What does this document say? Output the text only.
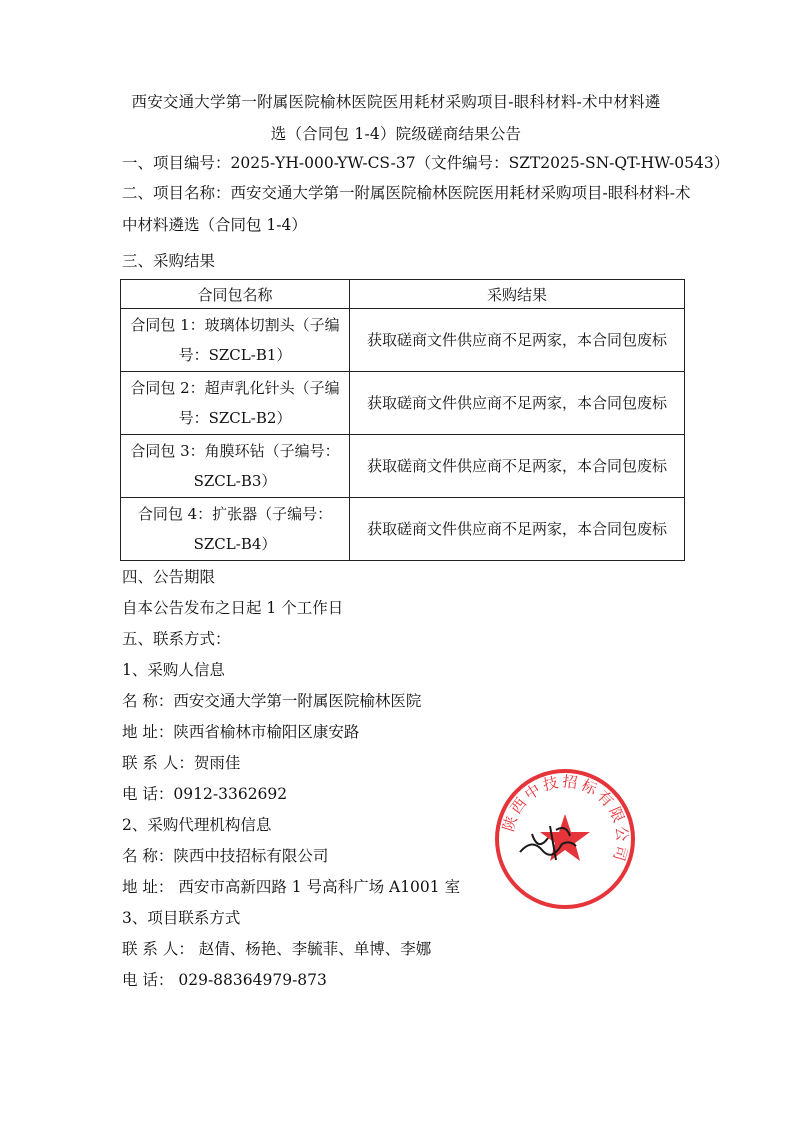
西安交通大学第一附属医院榆林医院医用耗材采购项目-眼科材料-术中材料遴
选（合同包 1-4）院级磋商结果公告
一、项目编号：2025-YH-000-YW-CS-37（文件编号：SZT2025-SN-QT-HW-0543）
二、项目名称：西安交通大学第一附属医院榆林医院医用耗材采购项目-眼科材料-术中材料遴选（合同包 1-4）
三、采购结果
合同包名称	采购结果
合同包 1：玻璃体切割头（子编号：SZCL-B1）	获取磋商文件供应商不足两家，本合同包废标
合同包 2：超声乳化针头（子编号：SZCL-B2）	获取磋商文件供应商不足两家，本合同包废标
合同包 3：角膜环钻（子编号：SZCL-B3）	获取磋商文件供应商不足两家，本合同包废标
合同包 4：扩张器（子编号：SZCL-B4）	获取磋商文件供应商不足两家，本合同包废标
四、公告期限
自本公告发布之日起 1 个工作日
五、联系方式：
1、采购人信息
名 称：西安交通大学第一附属医院榆林医院
地 址：陕西省榆林市榆阳区康安路
联 系 人：贺雨佳
电 话：0912-3362692
2、采购代理机构信息
名 称：陕西中技招标有限公司
地 址： 西安市高新四路 1 号高科广场 A1001 室
3、项目联系方式
联 系 人： 赵倩、杨艳、李毓菲、单博、李娜
电 话： 029-88364979-873
陕西中技招标有限公司
